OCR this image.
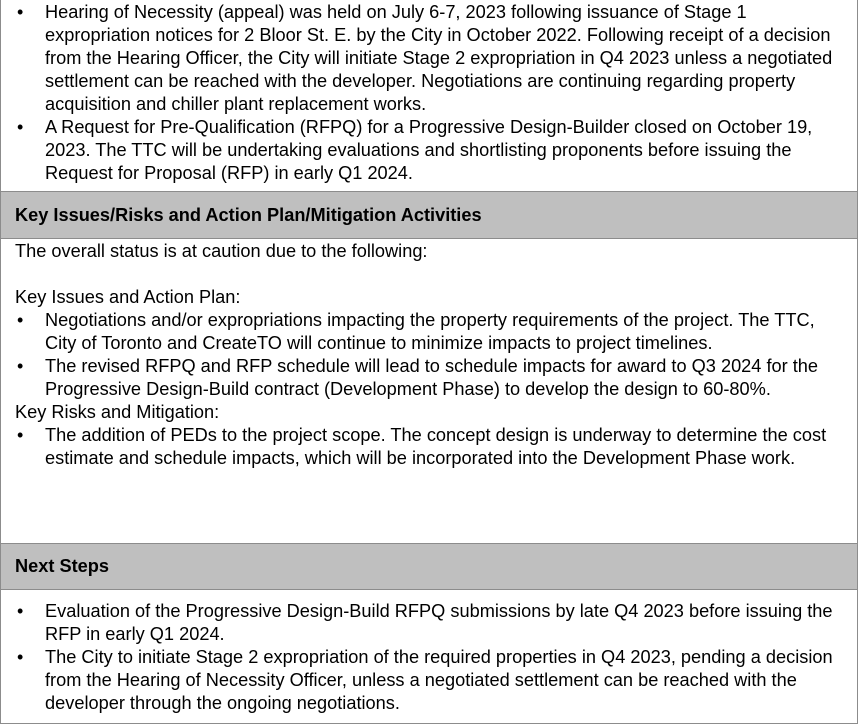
• Hearing of Necessity (appeal) was held on July 6-7, 2023 following issuance of Stage 1 expropriation notices for 2 Bloor St. E. by the City in October 2022. Following receipt of a decision from the Hearing Officer, the City will initiate Stage 2 expropriation in Q4 2023 unless a negotiated settlement can be reached with the developer. Negotiations are continuing regarding property acquisition and chiller plant replacement works.
• A Request for Pre-Qualification (RFPQ) for a Progressive Design-Builder closed on October 19, 2023. The TTC will be undertaking evaluations and shortlisting proponents before issuing the Request for Proposal (RFP) in early Q1 2024.
Key Issues/Risks and Action Plan/Mitigation Activities

The overall status is at caution due to the following:

Key Issues and Action Plan:

• Negotiations and/or expropriations impacting the property requirements of the project. The TTC, City of Toronto and CreateTO will continue to minimize impacts to project timelines.
• The revised RFPQ and RFP schedule will lead to schedule impacts for award to Q3 2024 for the Progressive Design-Build contract (Development Phase) to develop the design to 60-80%.

Key Risks and Mitigation:

• The addition of PEDs to the project scope. The concept design is underway to determine the cost estimate and schedule impacts, which will be incorporated into the Development Phase work.
Next Steps
• Evaluation of the Progressive Design-Build RFPQ submissions by late Q4 2023 before issuing the RFP in early Q1 2024.
• The City to initiate Stage 2 expropriation of the required properties in Q4 2023, pending a decision from the Hearing of Necessity Officer, unless a negotiated settlement can be reached with the developer through the ongoing negotiations.
